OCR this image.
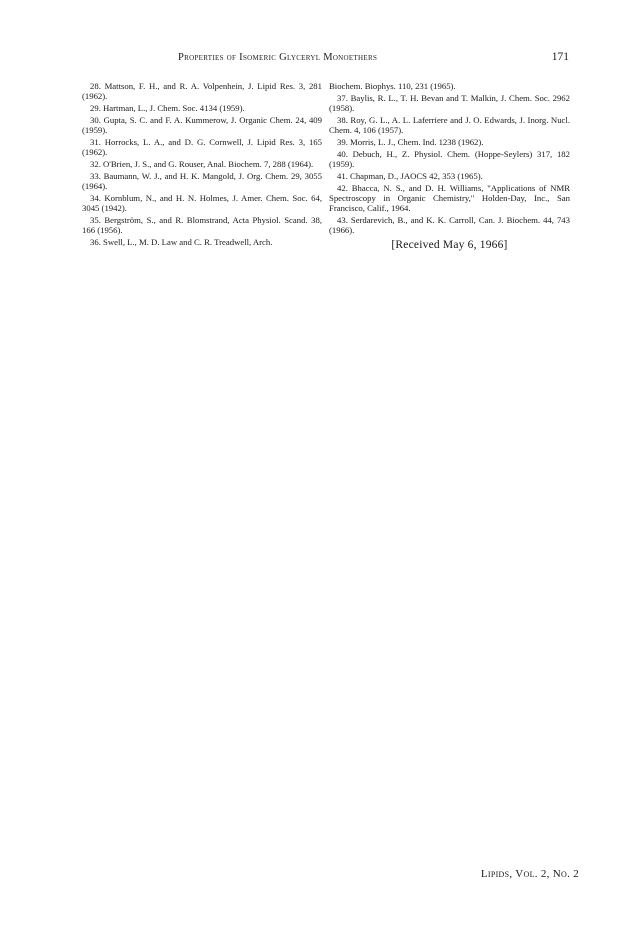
Properties of Isomeric Glyceryl Monoethers	171

28. Mattson, F. H., and R. A. Volpenhein, J. Lipid Res. 3, 281 (1962).

29. Hartman, L., J. Chem. Soc. 4134 (1959).

30. Gupta, S. C. and F. A. Kummerow, J. Organic Chem. 24, 409 (1959).

31. Horrocks, L. A., and D. G. Cornwell, J. Lipid Res. 3, 165 (1962).

32. O'Brien, J. S., and G. Rouser, Anal. Biochem. 7, 288 (1964).

33. Baumann, W. J., and H. K. Mangold, J. Org. Chem. 29, 3055 (1964).

34. Kornblum, N., and H. N. Holmes, J. Amer. Chem. Soc. 64, 3045 (1942).

35. Bergström, S., and R. Blomstrand, Acta Physiol. Scand. 38, 166 (1956).

36. Swell, L., M. D. Law and C. R. Treadwell, Arch.

Biochem. Biophys. 110, 231 (1965).

37. Baylis, R. L., T. H. Bevan and T. Malkin, J. Chem. Soc. 2962 (1958).

38. Roy, G. L., A. L. Laferriere and J. O. Edwards, J. Inorg. Nucl. Chem. 4, 106 (1957).

39. Morris, L. J., Chem. Ind. 1238 (1962).

40. Debuch, H., Z. Physiol. Chem. (Hoppe-Seylers) 317, 182 (1959).

41. Chapman, D., JAOCS 42, 353 (1965).

42. Bhacca, N. S., and D. H. Williams, "Applications of NMR Spectroscopy in Organic Chemistry," Holden-Day, Inc., San Francisco, Calif., 1964.

43. Serdarevich, B., and K. K. Carroll, Can. J. Biochem. 44, 743 (1966).

[Received May 6, 1966]
Lipids, Vol. 2, No. 2
